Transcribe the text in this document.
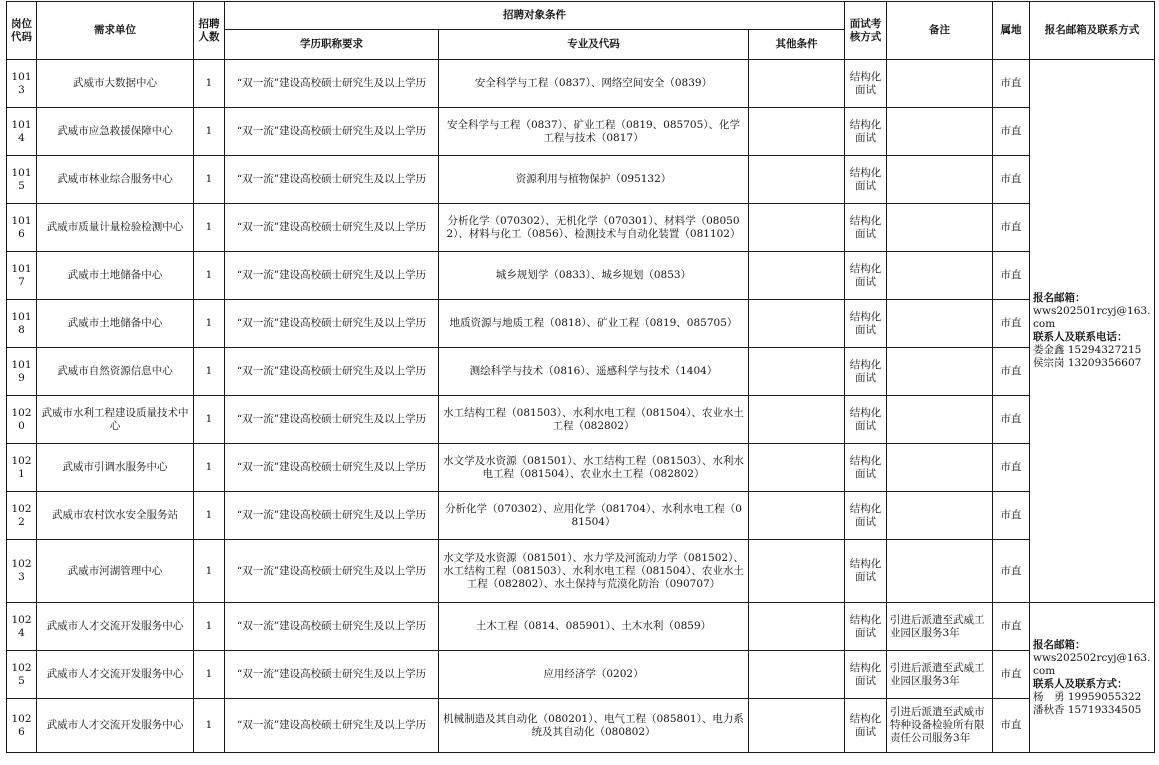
岗位代码	需求单位	招聘人数	招聘对象条件			面试考核方式	备注	属地	报名邮箱及联系方式
			学历职称要求	专业及代码	其他条件				
1013	武威市大数据中心	1	“双一流”建设高校硕士研究生及以上学历	安全科学与工程（0837）、网络空间安全（0839）		结构化面试		市直	报名邮箱：
wws202501rcyj@163.com
联系人及联系电话：
娄金鑫 15294327215
侯宗岗 13209356607

1014	武威市应急救援保障中心	1	“双一流”建设高校硕士研究生及以上学历	安全科学与工程（0837）、矿业工程（0819、085705）、化学工程与技术（0817）		结构化面试		市直	
1015	武威市林业综合服务中心	1	“双一流”建设高校硕士研究生及以上学历	资源利用与植物保护（095132）		结构化面试		市直	
1016	武威市质量计量检验检测中心	1	“双一流”建设高校硕士研究生及以上学历	分析化学（070302）、无机化学（070301）、材料学（080502）、材料与化工（0856）、检测技术与自动化装置（081102）		结构化面试		市直	
1017	武威市土地储备中心	1	“双一流”建设高校硕士研究生及以上学历	城乡规划学（0833）、城乡规划（0853）		结构化面试		市直	
1018	武威市土地储备中心	1	“双一流”建设高校硕士研究生及以上学历	地质资源与地质工程（0818）、矿业工程（0819、085705）		结构化面试		市直	
1019	武威市自然资源信息中心	1	“双一流”建设高校硕士研究生及以上学历	测绘科学与技术（0816）、遥感科学与技术（1404）		结构化面试		市直	
1020	武威市水利工程建设质量技术中心	1	“双一流”建设高校硕士研究生及以上学历	水工结构工程（081503）、水利水电工程（081504）、农业水土工程（082802）		结构化面试		市直	
1021	武威市引调水服务中心	1	“双一流”建设高校硕士研究生及以上学历	水文学及水资源（081501）、水工结构工程（081503）、水利水电工程（081504）、农业水土工程（082802）		结构化面试		市直	
1022	武威市农村饮水安全服务站	1	“双一流”建设高校硕士研究生及以上学历	分析化学（070302）、应用化学（081704）、水利水电工程（081504）		结构化面试		市直	
1023	武威市河湖管理中心	1	“双一流”建设高校硕士研究生及以上学历	水文学及水资源（081501）、水力学及河流动力学（081502）、水工结构工程（081503）、水利水电工程（081504）、农业水土工程（082802）、水土保持与荒漠化防治（090707）		结构化面试		市直	
1024	武威市人才交流开发服务中心	1	“双一流”建设高校硕士研究生及以上学历	土木工程（0814、085901）、土木水利（0859）		结构化面试	引进后派遣至武威工业园区服务3年	市直	报名邮箱：
wws202502rcyj@163.com
联系人及联系方式：
杨　勇 19959055322
潘秋香 15719334505

1025	武威市人才交流开发服务中心	1	“双一流”建设高校硕士研究生及以上学历	应用经济学（0202）		结构化面试	引进后派遣至武威工业园区服务3年	市直	
1026	武威市人才交流开发服务中心	1	“双一流”建设高校硕士研究生及以上学历	机械制造及其自动化（080201）、电气工程（085801）、电力系统及其自动化（080802）		结构化面试	引进后派遣至武威市特种设备检验所有限责任公司服务3年	市直	
